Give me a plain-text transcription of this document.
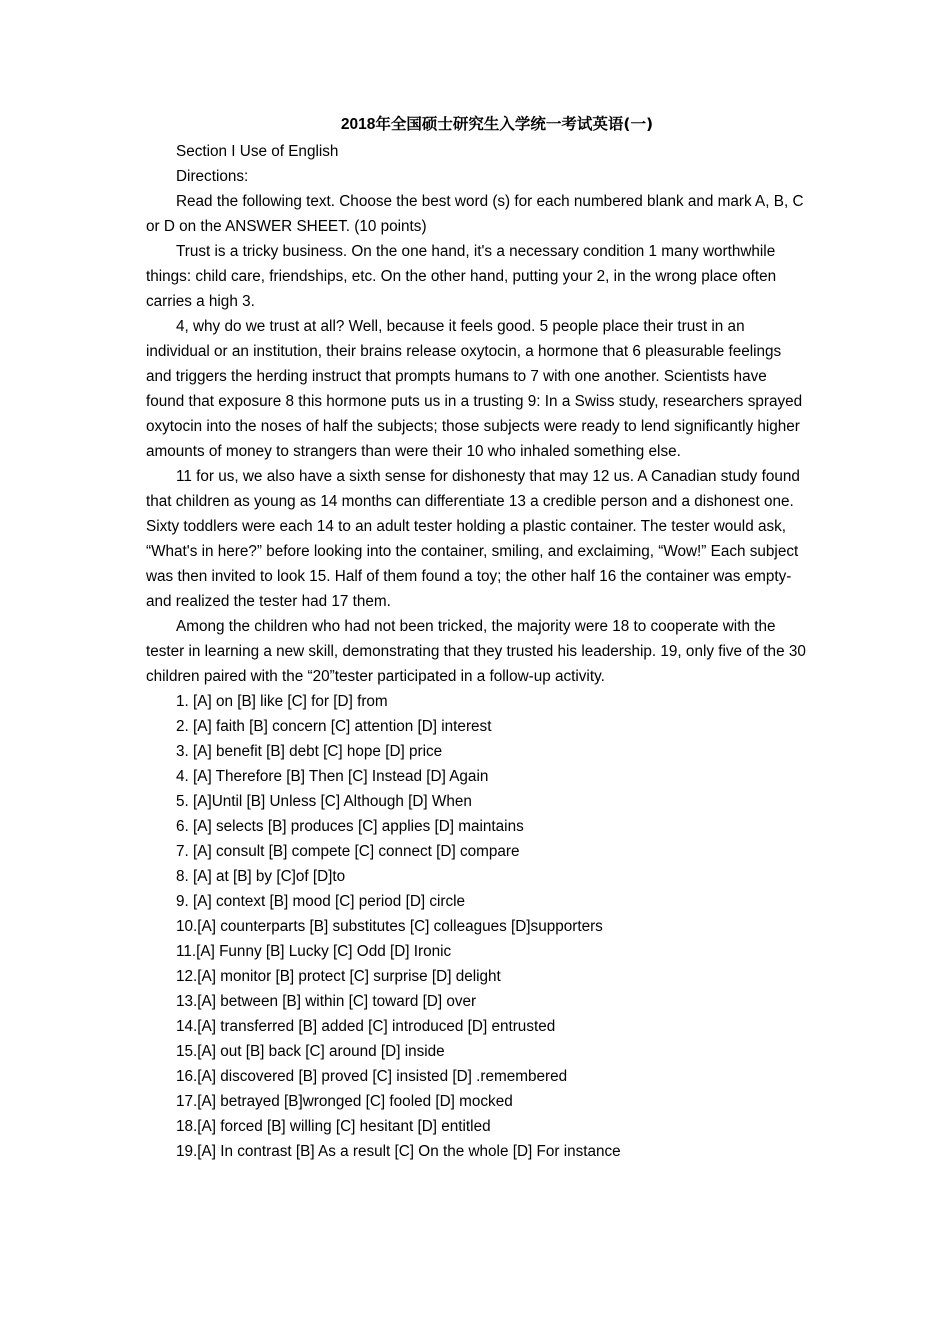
2018年全国硕士研究生入学统一考试英语(一)

Section I Use of English

Directions:

Read the following text. Choose the best word (s) for each numbered blank and mark A, B, C or D on the ANSWER SHEET. (10 points)

Trust is a tricky business. On the one hand, it's a necessary condition 1 many worthwhile things: child care, friendships, etc. On the other hand, putting your 2, in the wrong place often carries a high 3.

4, why do we trust at all? Well, because it feels good. 5 people place their trust in an individual or an institution, their brains release oxytocin, a hormone that 6 pleasurable feelings and triggers the herding instruct that prompts humans to 7 with one another. Scientists have found that exposure 8 this hormone puts us in a trusting 9: In a Swiss study, researchers sprayed oxytocin into the noses of half the subjects; those subjects were ready to lend significantly higher amounts of money to strangers than were their 10 who inhaled something else.

11 for us, we also have a sixth sense for dishonesty that may 12 us. A Canadian study found that children as young as 14 months can differentiate 13 a credible person and a dishonest one. Sixty toddlers were each 14 to an adult tester holding a plastic container. The tester would ask, “What's in here?” before looking into the container, smiling, and exclaiming, “Wow!” Each subject was then invited to look 15. Half of them found a toy; the other half 16 the container was empty-and realized the tester had 17 them.

Among the children who had not been tricked, the majority were 18 to cooperate with the tester in learning a new skill, demonstrating that they trusted his leadership. 19, only five of the 30 children paired with the “20”tester participated in a follow-up activity.

1. [A] on [B] like [C] for [D] from
2. [A] faith [B] concern [C] attention [D] interest
3. [A] benefit [B] debt [C] hope [D] price
4. [A] Therefore [B] Then [C] Instead [D] Again
5. [A]Until [B] Unless [C] Although [D] When
6. [A] selects [B] produces [C] applies [D] maintains
7. [A] consult [B] compete [C] connect [D] compare
8. [A] at [B] by [C]of [D]to
9. [A] context [B] mood [C] period [D] circle
10.[A] counterparts [B] substitutes [C] colleagues [D]supporters
11.[A] Funny [B] Lucky [C] Odd [D] Ironic
12.[A] monitor [B] protect [C] surprise [D] delight
13.[A] between [B] within [C] toward [D] over
14.[A] transferred [B] added [C] introduced [D] entrusted
15.[A] out [B] back [C] around [D] inside
16.[A] discovered [B] proved [C] insisted [D] .remembered
17.[A] betrayed [B]wronged [C] fooled [D] mocked
18.[A] forced [B] willing [C] hesitant [D] entitled
19.[A] In contrast [B] As a result [C] On the whole [D] For instance
